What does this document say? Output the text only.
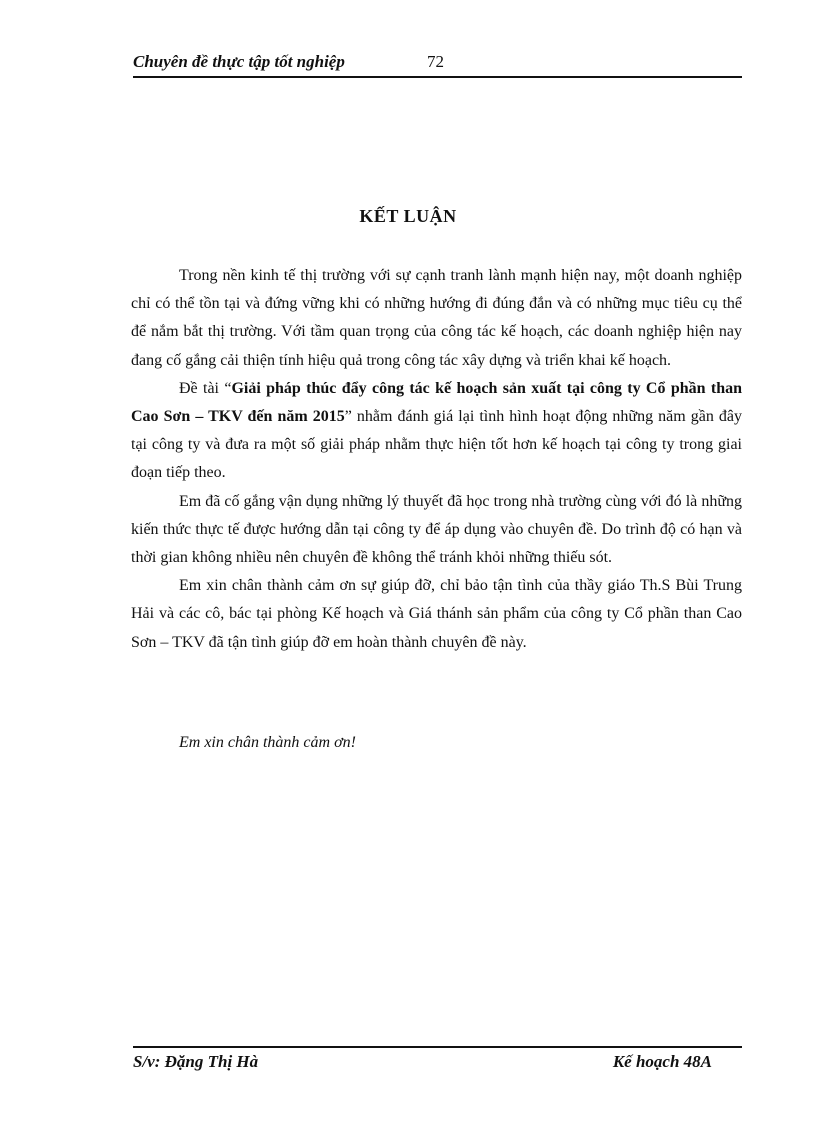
Chuyên đề thực tập tốt nghiệp	72
KẾT LUẬN

Trong nền kinh tế thị trường với sự cạnh tranh lành mạnh hiện nay, một doanh nghiệp chỉ có thể tồn tại và đứng vững khi có những hướng đi đúng đắn và có những mục tiêu cụ thể để nắm bắt thị trường. Với tầm quan trọng của công tác kế hoạch, các doanh nghiệp hiện nay đang cố gắng cải thiện tính hiệu quả trong công tác xây dựng và triển khai kế hoạch.

Đề tài “Giải pháp thúc đẩy công tác kế hoạch sản xuất tại công ty Cổ phần than Cao Sơn – TKV đến năm 2015” nhằm đánh giá lại tình hình hoạt động những năm gần đây tại công ty và đưa ra một số giải pháp nhằm thực hiện tốt hơn kế hoạch tại công ty trong giai đoạn tiếp theo.

Em đã cố gắng vận dụng những lý thuyết đã học trong nhà trường cùng với đó là những kiến thức thực tế được hướng dẫn tại công ty để áp dụng vào chuyên đề. Do trình độ có hạn và thời gian không nhiều nên chuyên đề không thể tránh khỏi những thiếu sót.

Em xin chân thành cảm ơn sự giúp đỡ, chỉ bảo tận tình của thầy giáo Th.S Bùi Trung Hải và các cô, bác tại phòng Kế hoạch và Giá thánh sản phẩm của công ty Cổ phần than Cao Sơn – TKV đã tận tình giúp đỡ em hoàn thành chuyên đề này.

Em xin chân thành cảm ơn!
S/v: Đặng Thị Hà	Kế hoạch 48A
